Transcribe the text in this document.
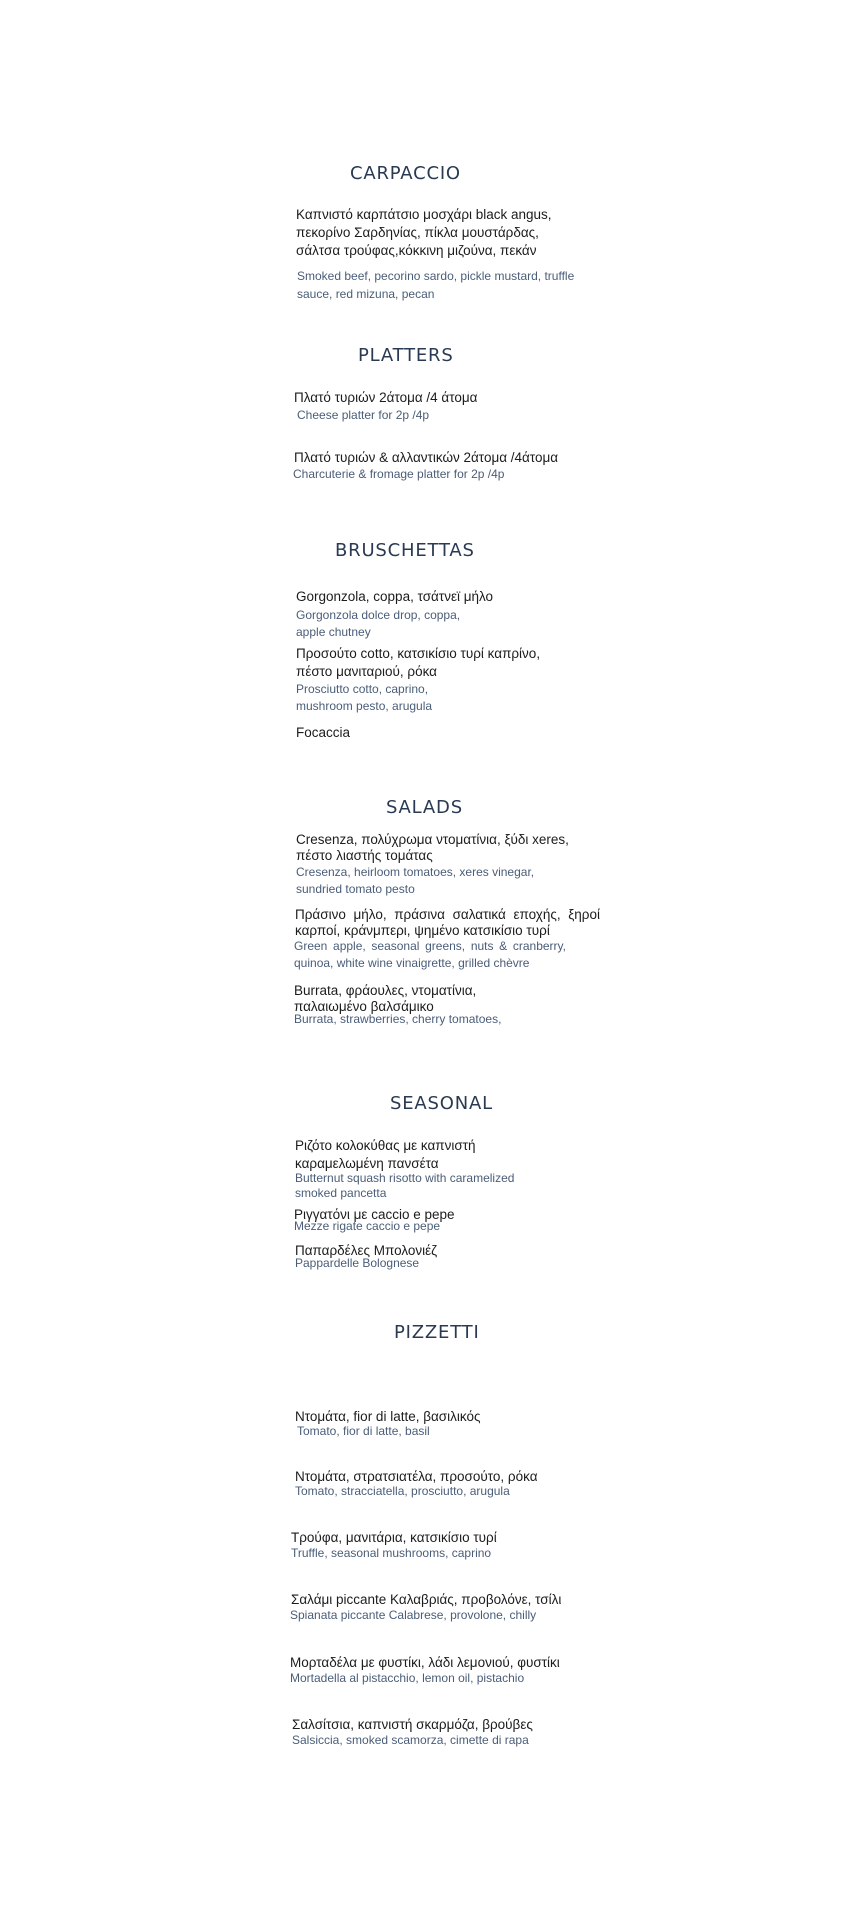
CARPACCIO

Καπνιστό καρπάτσιο μοσχάρι black angus,

πεκορίνο Σαρδηνίας, πίκλα μουστάρδας,

σάλτσα τρούφας,κόκκινη μιζούνα, πεκάν

Smoked beef, pecorino sardo, pickle mustard, truffle

sauce, red mizuna, pecan

PLATTERS

Πλατό τυριών 2άτομα /4 άτομα

Cheese platter for 2p /4p

Πλατό τυριών & αλλαντικών 2άτομα /4άτομα

Charcuterie & fromage platter for 2p /4p

BRUSCHETTAS

Gorgonzola, coppa, τσάτνεϊ μήλο

Gorgonzola dolce drop, coppa,

apple chutney

Προσούτο cotto, κατσικίσιο τυρί καπρίνο,

πέστο μανιταριού, ρόκα

Prosciutto cotto, caprino,

mushroom pesto, arugula

Focaccia

SALADS

Cresenza, πολύχρωμα ντοματίνια, ξύδι xeres,

πέστο λιαστής τομάτας

Cresenza, heirloom tomatoes, xeres vinegar,

sundried tomato pesto

Πράσινο μήλο, πράσινα σαλατικά εποχής, ξηροί

καρποί, κράνμπερι, ψημένο κατσικίσιο τυρί

Green apple, seasonal greens, nuts & cranberry,

quinoa, white wine vinaigrette, grilled chèvre

Burrata, φράουλες, ντοματίνια,

παλαιωμένο βαλσάμικο

Burrata, strawberries, cherry tomatoes,

SEASONAL

Ριζότο κολοκύθας με καπνιστή

καραμελωμένη πανσέτα

Butternut squash risotto with caramelized

smoked pancetta

Ριγγατόνι με caccio e pepe

Mezze rigate caccio e pepe

Παπαρδέλες Μπολονιέζ

Pappardelle Bolognese

PIZZETTI

Ντομάτα, fior di latte, βασιλικός

Tomato, fior di latte, basil

Ντομάτα, στρατσιατέλα, προσούτο, ρόκα

Tomato, stracciatella, prosciutto, arugula

Τρούφα, μανιτάρια, κατσικίσιο τυρί

Truffle, seasonal mushrooms, caprino

Σαλάμι piccante Καλαβριάς, προβολόνε, τσίλι

Spianata piccante Calabrese, provolone, chilly

Μορταδέλα με φυστίκι, λάδι λεμονιού, φυστίκι

Mortadella al pistacchio, lemon oil, pistachio

Σαλσίτσια, καπνιστή σκαρμόζα, βρούβες

Salsiccia, smoked scamorza, cimette di rapa
